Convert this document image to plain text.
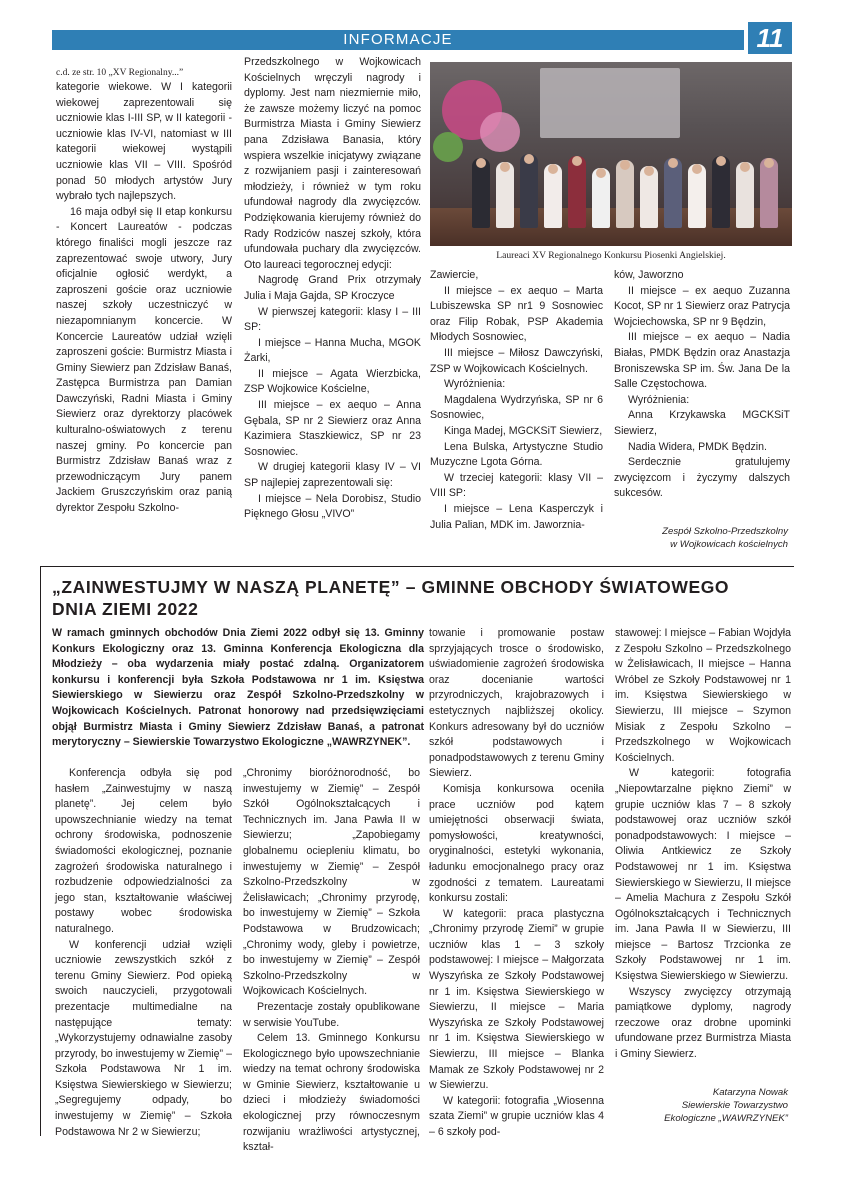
INFORMACJE	11

c.d. ze str. 10 „XV Regionalny...”

kategorie wiekowe. W I kategorii wiekowej zaprezentowali się uczniowie klas I-III SP, w II kategorii - uczniowie klas IV-VI, natomiast w III kategorii wiekowej wystąpili uczniowie klas VII – VIII. Spośród ponad 50 młodych artystów Jury wybrało tych najlepszych.

16 maja odbył się II etap konkursu - Koncert Laureatów - podczas którego finaliści mogli jeszcze raz zaprezentować swoje utwory, Jury oficjalnie ogłosić werdykt, a zaproszeni goście oraz uczniowie naszej szkoły uczestniczyć w niezapomnianym koncercie. W Koncercie Laureatów udział wzięli zaproszeni goście: Burmistrz Miasta i Gminy Siewierz pan Zdzisław Banaś, Zastępca Burmistrza pan Damian Dawczyński, Radni Miasta i Gminy Siewierz oraz dyrektorzy placówek kulturalno-oświatowych z terenu naszej gminy. Po koncercie pan Burmistrz Zdzisław Banaś wraz z przewodniczącym Jury panem Jackiem Gruszczyńskim oraz panią dyrektor Zespołu Szkolno-

Przedszkolnego w Wojkowicach Kościelnych wręczyli nagrody i dyplomy. Jest nam niezmiernie miło, że zawsze możemy liczyć na pomoc Burmistrza Miasta i Gminy Siewierz pana Zdzisława Banasia, który wspiera wszelkie inicjatywy związane z rozwijaniem pasji i zainteresowań młodzieży, i również w tym roku ufundował nagrody dla zwycięzców. Podziękowania kierujemy również do Rady Rodziców naszej szkoły, która ufundowała puchary dla zwycięzców. Oto laureaci tegorocznej edycji:

Nagrodę Grand Prix otrzymały Julia i Maja Gajda, SP Kroczyce

W pierwszej kategorii: klasy I – III SP:

I miejsce – Hanna Mucha, MGOK Żarki,

II miejsce – Agata Wierzbicka, ZSP Wojkowice Kościelne,

III miejsce – ex aequo – Anna Gębala, SP nr 2 Siewierz oraz Anna Kazimiera Staszkiewicz, SP nr 23 Sosnowiec.

W drugiej kategorii klasy IV – VI SP najlepiej zaprezentowali się:

I miejsce – Nela Dorobisz, Studio Pięknego Głosu „VIVO”

Laureaci XV Regionalnego Konkursu Piosenki Angielskiej.

Zawiercie,

II miejsce – ex aequo – Marta Lubiszewska SP nr1 9 Sosnowiec oraz Filip Robak, PSP Akademia Młodych Sosnowiec,

III miejsce – Miłosz Dawczyński, ZSP w Wojkowicach Kościelnych.

Wyróżnienia:

Magdalena Wydrzyńska, SP nr 6 Sosnowiec,

Kinga Madej, MGCKSiT Siewierz,

Lena Bulska, Artystyczne Studio Muzyczne Lgota Górna.

W trzeciej kategorii: klasy VII – VIII SP:

I miejsce – Lena Kasperczyk i Julia Palian, MDK im. Jaworznia-

ków, Jaworzno

II miejsce – ex aequo Zuzanna Kocot, SP nr 1 Siewierz oraz Patrycja Wojciechowska, SP nr 9 Będzin,

III miejsce – ex aequo – Nadia Białas, PMDK Będzin oraz Anastazja Broniszewska SP im. Św. Jana De la Salle Częstochowa.

Wyróżnienia:

Anna Krzykawska MGCKSiT Siewierz,

Nadia Widera, PMDK Będzin.

Serdecznie gratulujemy zwycięzcom i życzymy dalszych sukcesów.

Zespół Szkolno-Przedszkolny
w Wojkowicach kościelnych
„ZAINWESTUJMY W NASZĄ PLANETĘ” – GMINNE OBCHODY ŚWIATOWEGO
DNIA ZIEMI 2022
W ramach gminnych obchodów Dnia Ziemi 2022 odbył się 13. Gminny Konkurs Ekologiczny oraz 13. Gminna Konferencja Ekologiczna dla Młodzieży – oba wydarzenia miały postać zdalną. Organizatorem konkursu i konferencji była Szkoła Podstawowa nr 1 im. Księstwa Siewierskiego w Siewierzu oraz Zespół Szkolno-Przedszkolny w Wojkowicach Kościelnych. Patronat honorowy nad przedsięwzięciami objął Burmistrz Miasta i Gminy Siewierz Zdzisław Banaś, a patronat merytoryczny – Siewierskie Towarzystwo Ekologiczne „WAWRZYNEK”.

Konferencja odbyła się pod hasłem „Zainwestujmy w naszą planetę”. Jej celem było upowszechnianie wiedzy na temat ochrony środowiska, podnoszenie świadomości ekologicznej, poznanie zagrożeń środowiska naturalnego i rozbudzenie odpowiedzialności za jego stan, kształtowanie właściwej postawy wobec środowiska naturalnego.

W konferencji udział wzięli uczniowie zewszystkich szkół z terenu Gminy Siewierz. Pod opieką swoich nauczycieli, przygotowali prezentacje multimedialne na następujące tematy: „Wykorzystujemy odnawialne zasoby przyrody, bo inwestujemy w Ziemię” – Szkoła Podstawowa Nr 1 im. Księstwa Siewierskiego w Siewierzu; „Segregujemy odpady, bo inwestujemy w Ziemię” – Szkoła Podstawowa Nr 2 w Siewierzu;

„Chronimy bioróżnorodność, bo inwestujemy w Ziemię” – Zespół Szkół Ogólnokształcących i Technicznych im. Jana Pawła II w Siewierzu; „Zapobiegamy globalnemu ociepleniu klimatu, bo inwestujemy w Ziemię” – Zespół Szkolno-Przedszkolny w Żelisławicach; „Chronimy przyrodę, bo inwestujemy w Ziemię” – Szkoła Podstawowa w Brudzowicach; „Chronimy wody, gleby i powietrze, bo inwestujemy w Ziemię” – Zespół Szkolno-Przedszkolny w Wojkowicach Kościelnych.

Prezentacje zostały opublikowane w serwisie YouTube.

Celem 13. Gminnego Konkursu Ekologicznego było upowszechnianie wiedzy na temat ochrony środowiska w Gminie Siewierz, kształtowanie u dzieci i młodzieży świadomości ekologicznej przy równoczesnym rozwijaniu wrażliwości artystycznej, kształ-

towanie i promowanie postaw sprzyjających trosce o środowisko, uświadomienie zagrożeń środowiska oraz docenianie wartości przyrodniczych, krajobrazowych i estetycznych najbliższej okolicy. Konkurs adresowany był do uczniów szkół podstawowych i ponadpodstawowych z terenu Gminy Siewierz.

Komisja konkursowa oceniła prace uczniów pod kątem umiejętności obserwacji świata, pomysłowości, kreatywności, oryginalności, estetyki wykonania, ładunku emocjonalnego pracy oraz zgodności z tematem. Laureatami konkursu zostali:

W kategorii: praca plastyczna „Chronimy przyrodę Ziemi” w grupie uczniów klas 1 – 3 szkoły podstawowej: I miejsce – Małgorzata Wyszyńska ze Szkoły Podstawowej nr 1 im. Księstwa Siewierskiego w Siewierzu, II miejsce – Maria Wyszyńska ze Szkoły Podstawowej nr 1 im. Księstwa Siewierskiego w Siewierzu, III miejsce – Blanka Mamak ze Szkoły Podstawowej nr 2 w Siewierzu.

W kategorii: fotografia „Wiosenna szata Ziemi” w grupie uczniów klas 4 – 6 szkoły pod-

stawowej: I miejsce – Fabian Wojdyła z Zespołu Szkolno – Przedszkolnego w Żelisławicach, II miejsce – Hanna Wróbel ze Szkoły Podstawowej nr 1 im. Księstwa Siewierskiego w Siewierzu, III miejsce – Szymon Misiak z Zespołu Szkolno – Przedszkolnego w Wojkowicach Kościelnych.

W kategorii: fotografia „Niepowtarzalne piękno Ziemi” w grupie uczniów klas 7 – 8 szkoły podstawowej oraz uczniów szkół ponadpodstawowych: I miejsce – Oliwia Antkiewicz ze Szkoły Podstawowej nr 1 im. Księstwa Siewierskiego w Siewierzu, II miejsce – Amelia Machura z Zespołu Szkół Ogólnokształcących i Technicznych im. Jana Pawła II w Siewierzu, III miejsce – Bartosz Trzcionka ze Szkoły Podstawowej nr 1 im. Księstwa Siewierskiego w Siewierzu.

Wszyscy zwycięzcy otrzymają pamiątkowe dyplomy, nagrody rzeczowe oraz drobne upominki ufundowane przez Burmistrza Miasta i Gminy Siewierz.

Katarzyna Nowak
Siewierskie Towarzystwo
Ekologiczne „WAWRZYNEK”
